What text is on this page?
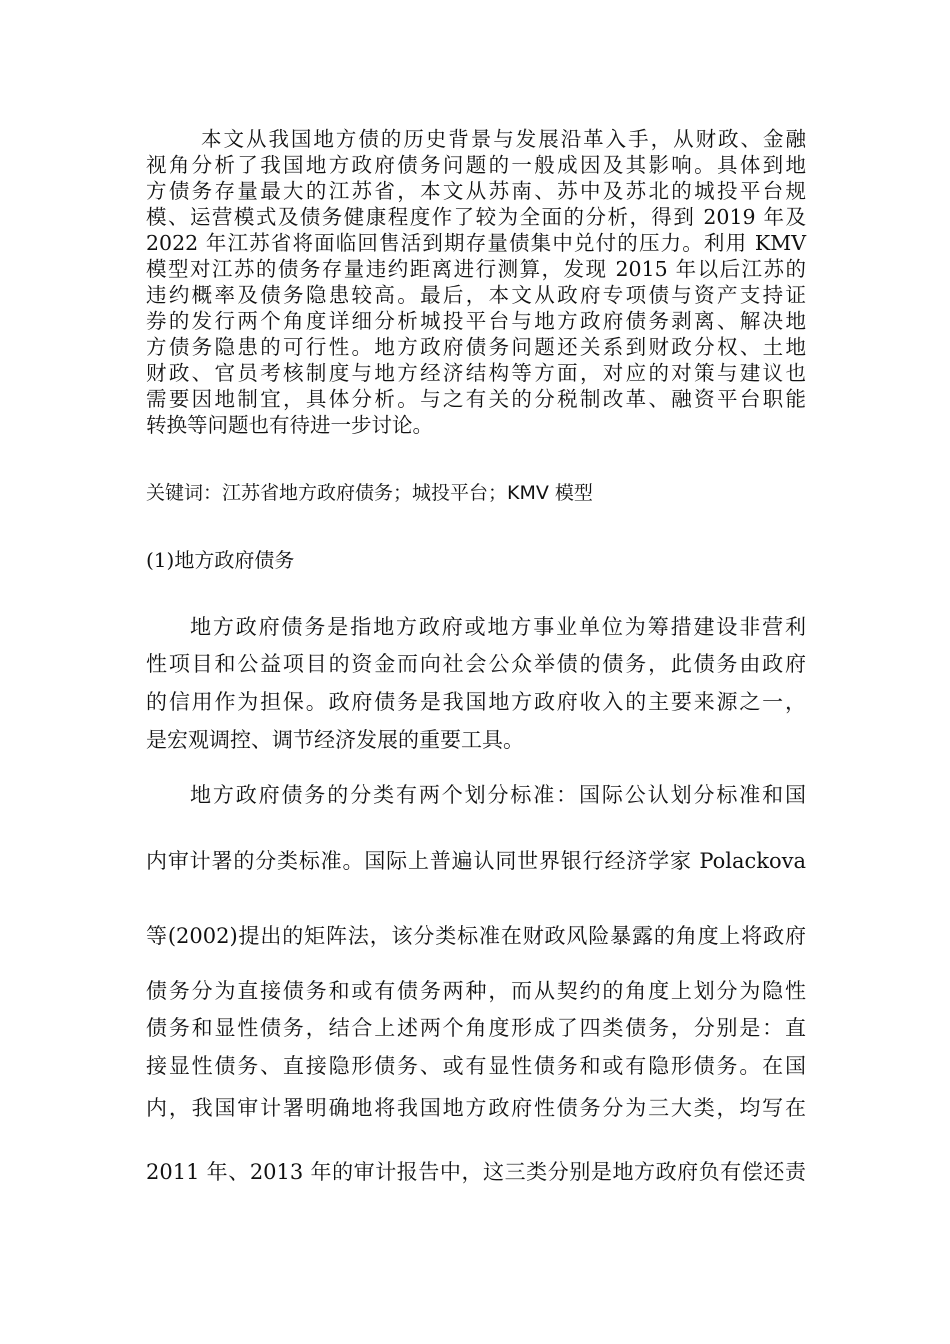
本文从我国地方债的历史背景与发展沿革入手，从财政、金融
视角分析了我国地方政府债务问题的一般成因及其影响。具体到地
方债务存量最大的江苏省，本文从苏南、苏中及苏北的城投平台规
模、运营模式及债务健康程度作了较为全面的分析，得到 2019 年及
2022 年江苏省将面临回售活到期存量债集中兑付的压力。利用 KMV
模型对江苏的债务存量违约距离进行测算，发现 2015 年以后江苏的
违约概率及债务隐患较高。最后，本文从政府专项债与资产支持证
券的发行两个角度详细分析城投平台与地方政府债务剥离、解决地
方债务隐患的可行性。地方政府债务问题还关系到财政分权、土地
财政、官员考核制度与地方经济结构等方面，对应的对策与建议也
需要因地制宜，具体分析。与之有关的分税制改革、融资平台职能
转换等问题也有待进一步讨论。
关键词：江苏省地方政府债务；城投平台；KMV 模型
(1)地方政府债务
地方政府债务是指地方政府或地方事业单位为筹措建设非营利
性项目和公益项目的资金而向社会公众举债的债务，此债务由政府
的信用作为担保。政府债务是我国地方政府收入的主要来源之一，
是宏观调控、调节经济发展的重要工具。
地方政府债务的分类有两个划分标准：国际公认划分标准和国
内审计署的分类标准。国际上普遍认同世界银行经济学家 Polackova
等(2002)提出的矩阵法，该分类标准在财政风险暴露的角度上将政府
债务分为直接债务和或有债务两种，而从契约的角度上划分为隐性
债务和显性债务，结合上述两个角度形成了四类债务，分别是：直
接显性债务、直接隐形债务、或有显性债务和或有隐形债务。在国
内，我国审计署明确地将我国地方政府性债务分为三大类，均写在
2011 年、2013 年的审计报告中，这三类分别是地方政府负有偿还责
